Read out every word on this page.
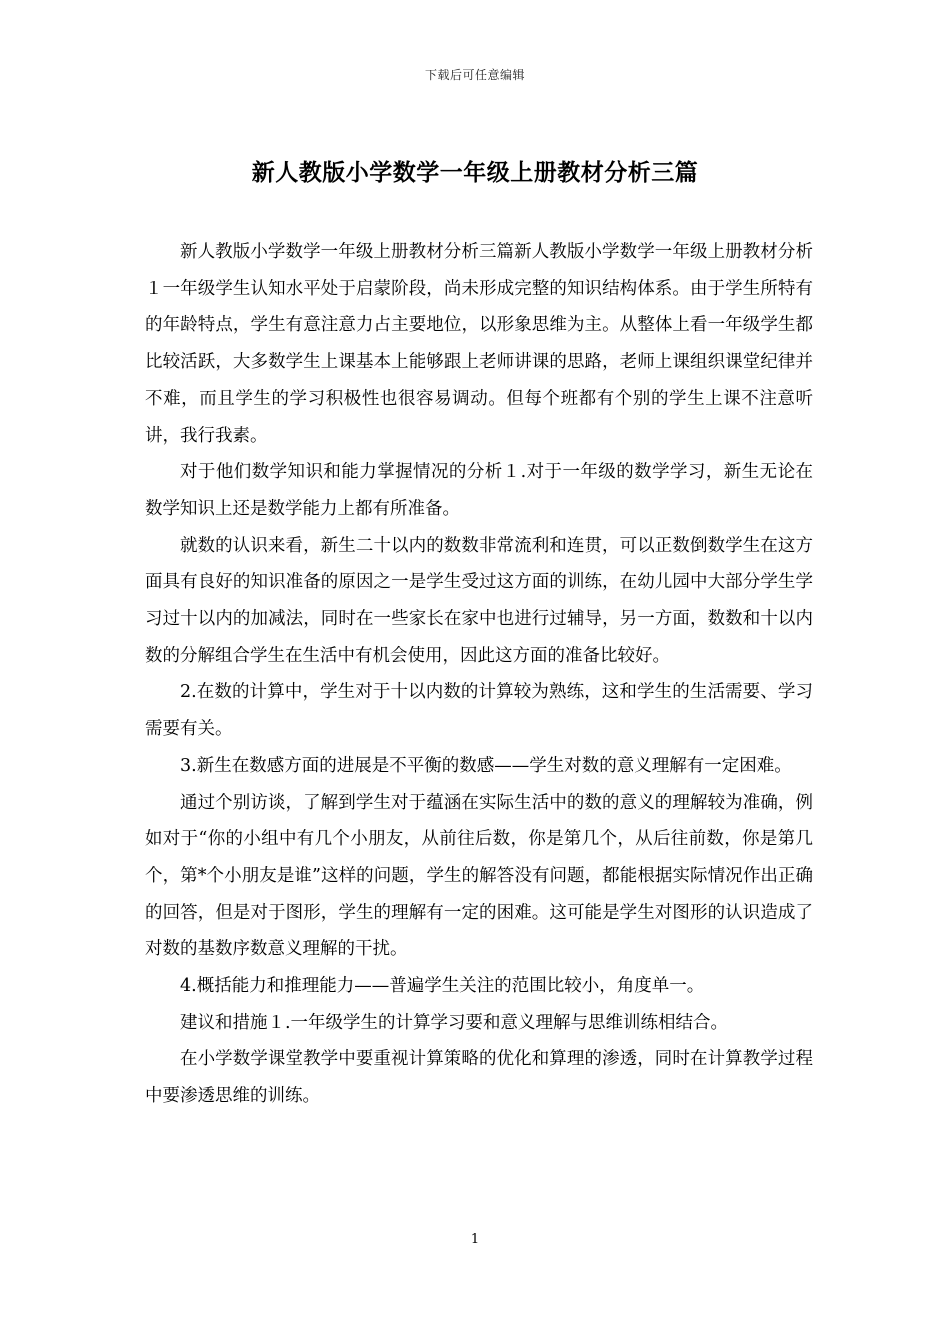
下载后可任意编辑
新人教版小学数学一年级上册教材分析三篇

新人教版小学数学一年级上册教材分析三篇新人教版小学数学一年级上册教材分析１一年级学生认知水平处于启蒙阶段，尚未形成完整的知识结构体系。由于学生所特有的年龄特点，学生有意注意力占主要地位，以形象思维为主。从整体上看一年级学生都比较活跃，大多数学生上课基本上能够跟上老师讲课的思路，老师上课组织课堂纪律并不难，而且学生的学习积极性也很容易调动。但每个班都有个别的学生上课不注意听讲，我行我素。

对于他们数学知识和能力掌握情况的分析１.对于一年级的数学学习，新生无论在数学知识上还是数学能力上都有所准备。

就数的认识来看，新生二十以内的数数非常流利和连贯，可以正数倒数学生在这方面具有良好的知识准备的原因之一是学生受过这方面的训练，在幼儿园中大部分学生学习过十以内的加减法，同时在一些家长在家中也进行过辅导，另一方面，数数和十以内数的分解组合学生在生活中有机会使用，因此这方面的准备比较好。

2.在数的计算中，学生对于十以内数的计算较为熟练，这和学生的生活需要、学习需要有关。

3.新生在数感方面的进展是不平衡的数感——学生对数的意义理解有一定困难。

通过个别访谈，了解到学生对于蕴涵在实际生活中的数的意义的理解较为准确，例如对于“你的小组中有几个小朋友，从前往后数，你是第几个，从后往前数，你是第几个，第*个小朋友是谁”这样的问题，学生的解答没有问题，都能根据实际情况作出正确的回答，但是对于图形，学生的理解有一定的困难。这可能是学生对图形的认识造成了对数的基数序数意义理解的干扰。

4.概括能力和推理能力——普遍学生关注的范围比较小，角度单一。

建议和措施１.一年级学生的计算学习要和意义理解与思维训练相结合。

在小学数学课堂教学中要重视计算策略的优化和算理的渗透，同时在计算教学过程中要渗透思维的训练。

1
